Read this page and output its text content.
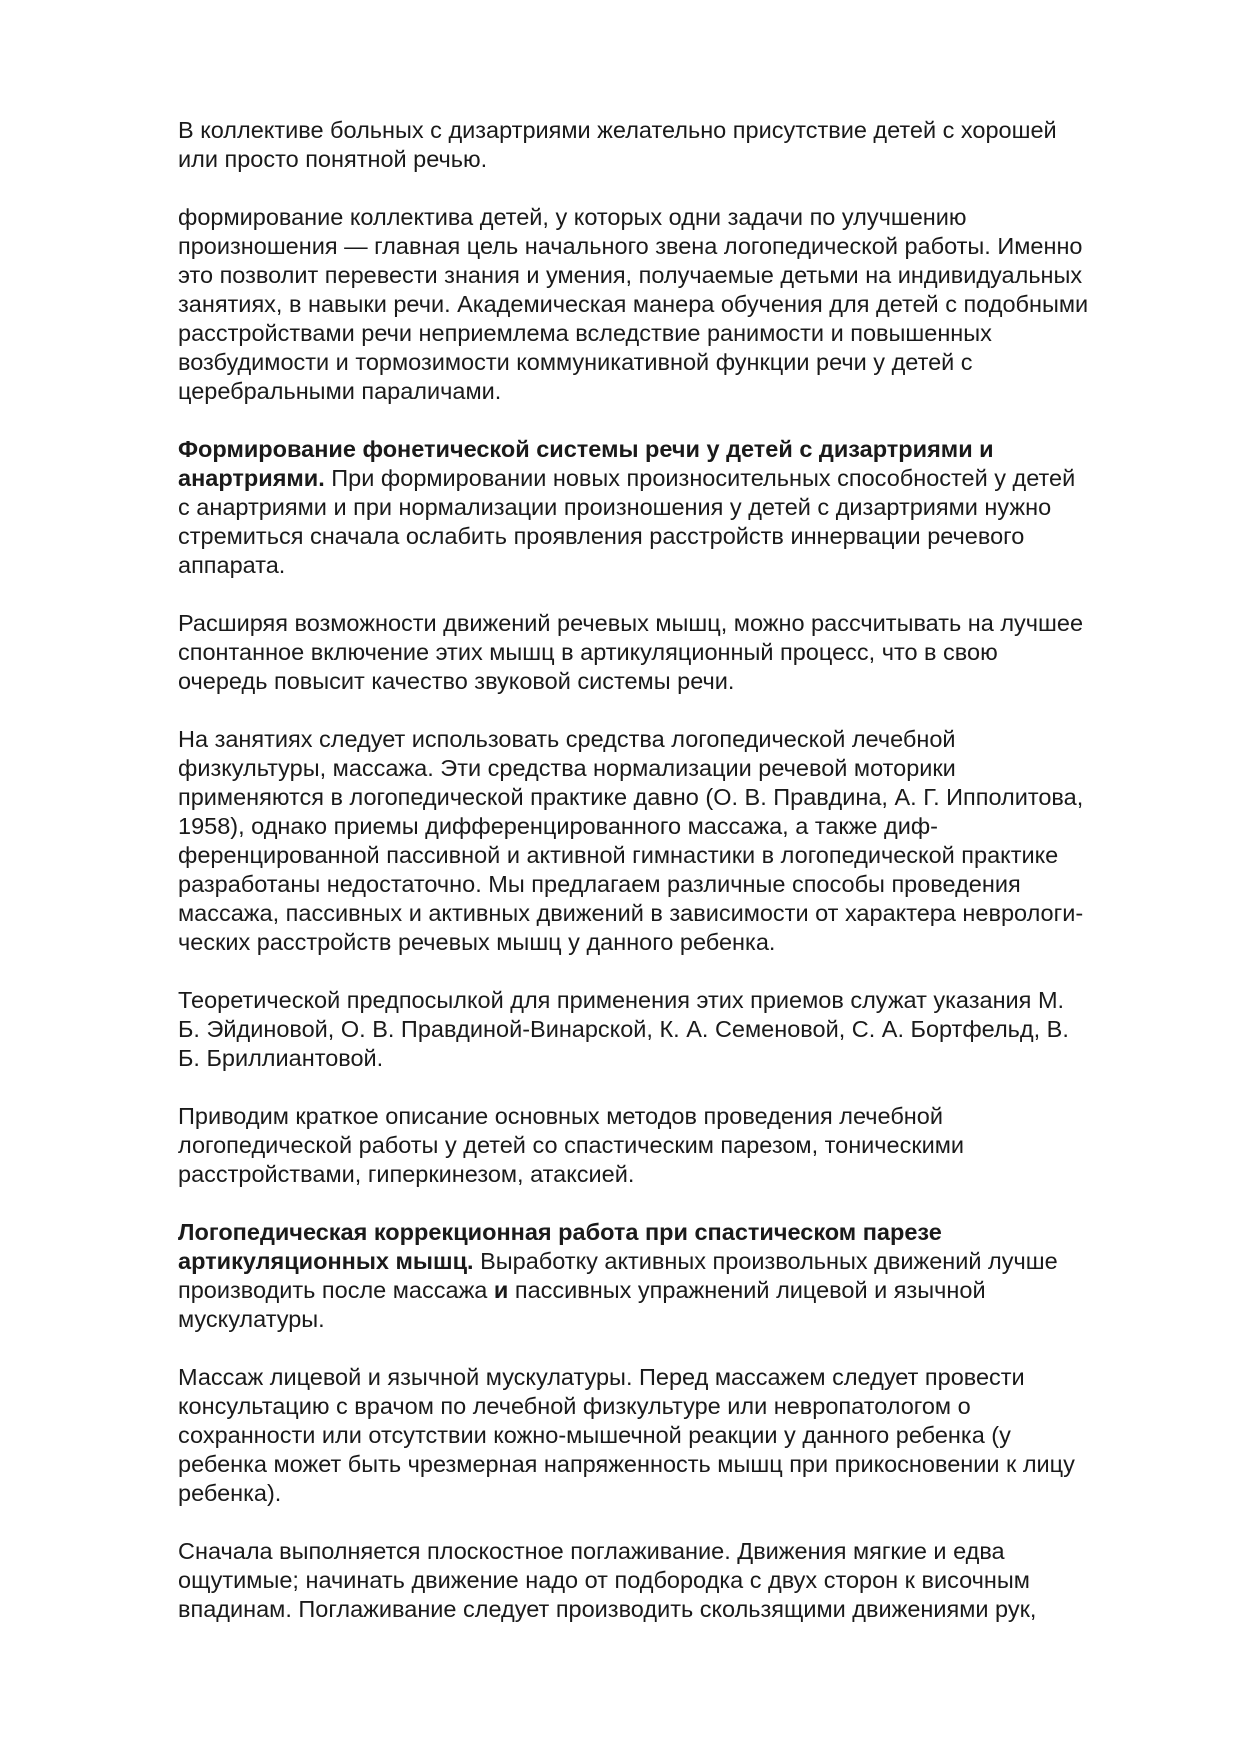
В коллективе больных с дизартриями желательно присутствие детей с хорошей
или просто понятной речью.
формирование коллектива детей, у которых одни задачи по улучшению
произношения — главная цель начального звена логопедической работы. Именно
это позволит перевести знания и умения, получаемые детьми на индивидуальных
занятиях, в навыки речи. Академическая манера обучения для детей с подобными
расстройствами речи неприемлема вследствие ранимости и повышенных
возбудимости и тормозимости коммуникативной функции речи у детей с
церебральными параличами.
Формирование фонетической системы речи у детей с дизартриями и
анартриями. При формировании новых произносительных способностей у детей
с анартриями и при нормализации произношения у детей с дизартриями нужно
стремиться сначала ослабить проявления расстройств иннервации речевого
аппарата.
Расширяя возможности движений речевых мышц, можно рассчитывать на лучшее
спонтанное включение этих мышц в артикуляционный процесс, что в свою
очередь повысит качество звуковой системы речи.
На занятиях следует использовать средства логопедической лечебной
физкультуры, массажа. Эти средства нормализации речевой моторики
применяются в логопедической практике давно (О. В. Правдина, А. Г. Ипполитова,
1958), однако приемы дифференцированного массажа, а также диф-
ференцированной пассивной и активной гимнастики в логопедической практике
разработаны недостаточно. Мы предлагаем различные способы проведения
массажа, пассивных и активных движений в зависимости от характера неврологи-
ческих расстройств речевых мышц у данного ребенка.
Теоретической предпосылкой для применения этих приемов служат указания М.
Б. Эйдиновой, О. В. Правдиной-Винарской, К. А. Семеновой, С. А. Бортфельд, В.
Б. Бриллиантовой.
Приводим краткое описание основных методов проведения лечебной
логопедической работы у детей со спастическим парезом, тоническими
расстройствами, гиперкинезом, атаксией.
Логопедическая коррекционная работа при спастическом парезе
артикуляционных мышц. Выработку активных произвольных движений лучше
производить после массажа и пассивных упражнений лицевой и язычной
мускулатуры.
Массаж лицевой и язычной мускулатуры. Перед массажем следует провести
консультацию с врачом по лечебной физкультуре или невропатологом о
сохранности или отсутствии кожно-мышечной реакции у данного ребенка (у
ребенка может быть чрезмерная напряженность мышц при прикосновении к лицу
ребенка).
Сначала выполняется плоскостное поглаживание. Движения мягкие и едва
ощутимые; начинать движение надо от подбородка с двух сторон к височным
впадинам. Поглаживание следует производить скользящими движениями рук,
